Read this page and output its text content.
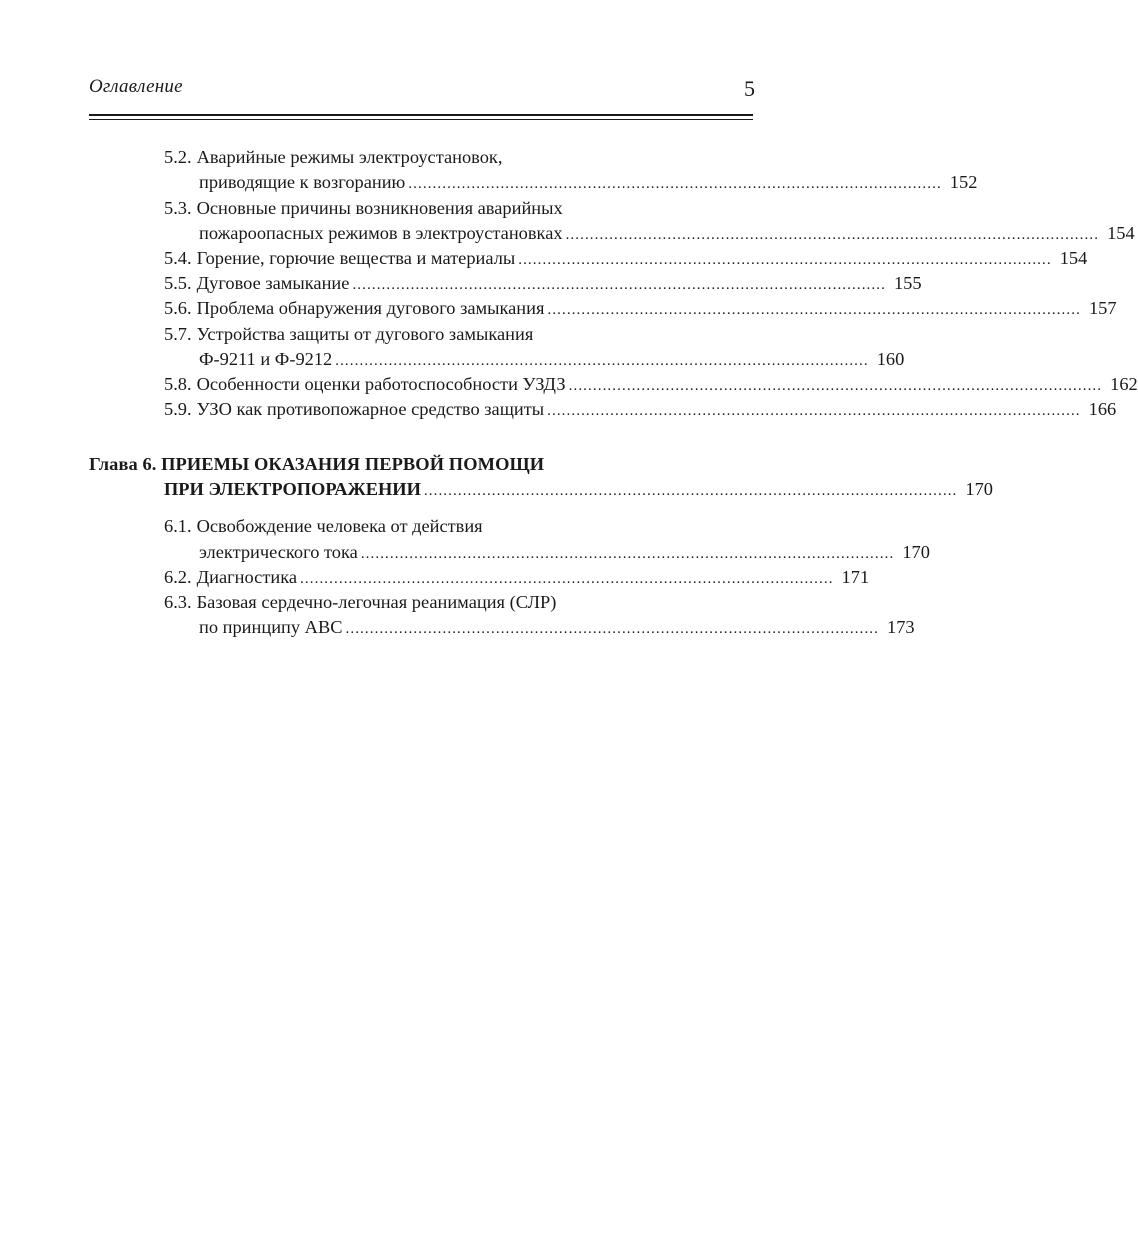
Оглавление	5
5.2. Аварийные режимы электроустановок,
приводящие к возгоранию .............................................................................................................. 152
5.3. Основные причины возникновения аварийных
пожароопасных режимов в электроустановках .............................................................................................................. 154
5.4. Горение, горючие вещества и материалы .............................................................................................................. 154
5.5. Дуговое замыкание .............................................................................................................. 155
5.6. Проблема обнаружения дугового замыкания .............................................................................................................. 157
5.7. Устройства защиты от дугового замыкания
Ф-9211 и Ф-9212 .............................................................................................................. 160
5.8. Особенности оценки работоспособности УЗДЗ .............................................................................................................. 162
5.9. УЗО как противопожарное средство защиты .............................................................................................................. 166
Глава 6. ПРИЕМЫ ОКАЗАНИЯ ПЕРВОЙ ПОМОЩИ
ПРИ ЭЛЕКТРОПОРАЖЕНИИ .............................................................................................................. 170
6.1. Освобождение человека от действия
электрического тока .............................................................................................................. 170
6.2. Диагностика .............................................................................................................. 171
6.3. Базовая сердечно-легочная реанимация (СЛР)
по принципу АВС .............................................................................................................. 173
